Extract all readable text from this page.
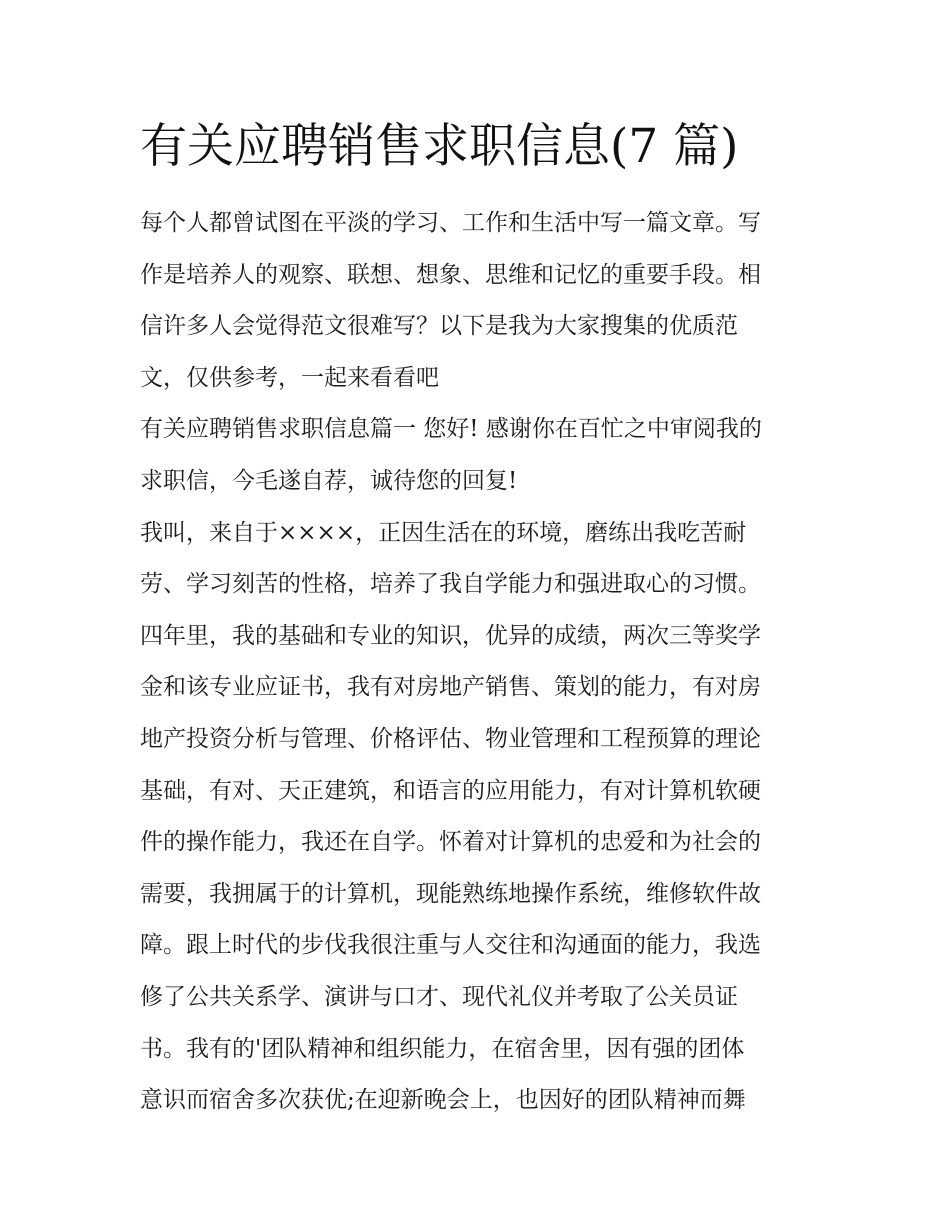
有关应聘销售求职信息(7 篇)
每个人都曾试图在平淡的学习、工作和生活中写一篇文章。写
作是培养人的观察、联想、想象、思维和记忆的重要手段。相
信许多人会觉得范文很难写？以下是我为大家搜集的优质范
文，仅供参考，一起来看看吧
有关应聘销售求职信息篇一 您好! 感谢你在百忙之中审阅我的
求职信，今毛遂自荐，诚待您的回复!
我叫，来自于××××，正因生活在的环境，磨练出我吃苦耐
劳、学习刻苦的性格，培养了我自学能力和强进取心的习惯。
四年里，我的基础和专业的知识，优异的成绩，两次三等奖学
金和该专业应证书，我有对房地产销售、策划的能力，有对房
地产投资分析与管理、价格评估、物业管理和工程预算的理论
基础，有对、天正建筑，和语言的应用能力，有对计算机软硬
件的操作能力，我还在自学。怀着对计算机的忠爱和为社会的
需要，我拥属于的计算机，现能熟练地操作系统，维修软件故
障。跟上时代的步伐我很注重与人交往和沟通面的能力，我选
修了公共关系学、演讲与口才、现代礼仪并考取了公关员证
书。我有的'团队精神和组织能力，在宿舍里，因有强的团体
意识而宿舍多次获优;在迎新晚会上，也因好的团队精神而舞
